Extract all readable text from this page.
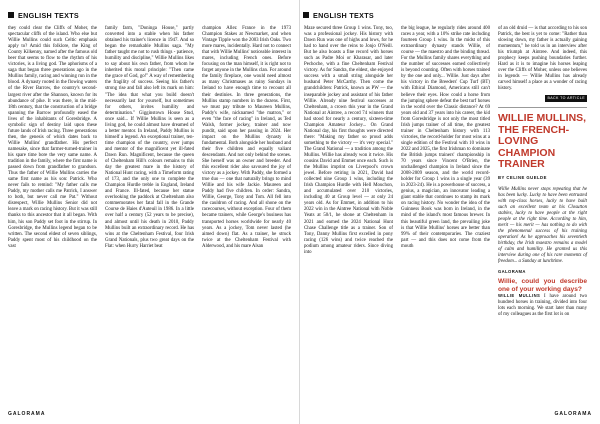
ENGLISH TEXTS

they could clear the Cliffs of Moher, the spectacular cliffs of the island. Who else but Willie Mullins could such Celtic emphasis apply to? Amid this folklore, the King of County Kilkenny, named after the famous old beer that seems to flow to the rhythm of his victories, is a living god. The aphorisms of a saga that began three generations ago in the Mullins family, racing and winning run in the blood. A dynasty rooted in the flowing waters of the River Barrow, the country's second-largest river after the Shannon, known for its abundance of pike. It was there, in the mid-18th century, that the construction of a bridge spanning the Barrow profoundly eased the lives of the inhabitants of Goresbridge. A symbolic sign of destiny laid upon these future lands of Irish racing. Three generations then, the genesis of which dates back to Willie Mullins' grandfather. His perfect namesake, since that farmer-turned-trainer in his spare time bore the very same name. A tradition in the family, where the first name is passed down from grandfather to grandson. Thus the father of Willie Mullins carries the same first name as his son: Patrick. Who never fails to remind: "My father calls me Paddy, my mother calls me Patrick, I answer to both, but never call me Pat." Without disrespect, Willie Mullins Senior did not leave a mark on racing history. But it was still thanks to this ancestor that it all began. With him, his son Paddy set foot in the stirrup. In Goresbridge, the Mullins legend began to be written. The second eldest of seven siblings, Paddy spent most of his childhood on the vast

family farm, "Doninga House," partly converted into a stable when his father obtained his trainer's licence in 1947. And so began the remarkable Mullins saga. "My father taught me not to rush things - patience, humility and discipline," Willie Mullins likes to say about his own father, from whom he inherited this moral principle: "Then came the grace of God, go!" A way of remembering the fragility of success. Seeing his father's strong rise and fall also left its mark on him: "The idea that what you build doesn't necessarily last for yourself, but sometimes for others, invites humility and determination." Gigginstown House Stud, once said... If Willie Mullins is seen as a living god, he could almost have dreamed of a better mentor. In Ireland, Paddy Mullins is himself a legend. An exceptional trainer, ten-time champion of the country, over jumps and mentor of the magnificent yet ill-fated Dawn Run. Magnificent, because the queen of Cheltenham Hill's colours remains to this day the greatest mare in the history of National Hunt racing, with a Timeform rating of 173, and the only one to complete the Champion Hurdle treble in England, Ireland and France. Ill-fated, because her statue overlooking the paddock at Cheltenham also commemorates her fatal fall in the Grande Course de Haies d'Auteuil in 1986. In a little over half a century (52 years to be precise), and almost until his death in 2010, Paddy Mullins built an extraordinary record. He has wins at the Cheltenham Festival, four Irish Grand Nationals, plus two great days on the Flat: when Hurry Harriet beat

champion Allez France in the 1973 Champion Stakes at Newmarket, and when Vintage Tipple won the 2003 Irish Oaks. Two more mares, incidentally. Hard not to connect that with Willie Mullins' noticeable interest in mares, including French ones. Before focusing on the man himself, it is right not to forget anyone in the Mullins clan. For around the family fireplace, one would need almost as many Christmases as rainy Sundays in Ireland to have enough time to recount all their destinies. In three generations, the Mullins stamp numbers in the dozens. First, we must pay tribute to Maureen Mullins, Paddy's wife, nicknamed "the matron," or even "the face of racing" in Ireland, as Ted Walsh, former jockey, trainer and now pundit, said upon her passing in 2024. Her impact on the Mullins dynasty is fundamental. Both alongside her husband and their five children and equally valiant descendants. And not only behind the scenes. She herself was an owner and breeder. And this excellent rider also savoured the joy of victory as a jockey. With Paddy, she formed a true duo — one that naturally brings to mind Willie and his wife Jackie. Maureen and Paddy had five children. In order: Sandra, Willie, George, Tony and Tom. All fell into the cauldron of racing. And all shone on the racecourses, without exception. Four of them became trainers, while George's business has transported horses worldwide for nearly 40 years. As a jockey, Tom never lasted (he aimed down) flat. As a trainer, he struck twice at the Cheltenham Festival with Alderwood, and his mare Alsan

GALORAMA
ENGLISH TEXTS

Maze secured three Group 1 wins. Tony, too, was a professional jockey. His history with Dawn Run was one of highs and lows, for he had to hand over the reins to Jonjo O'Neill. But he also boasts a fine record with horses such as Padre Moi or Kharasar, and later Pechoche, with a fine Cheltenham Festival victory. As for Sandra, the eldest, she enjoyed success with a small string alongside her husband Peter McCarthy. Then come the grandchildren: Patrick, known as PW — the inseparable jockey and assistant of his father Willie. Already nine festival successes at Cheltenham, a crown this year in the Grand National at Aintree, a record 74 winners that had stood for nearly a century, sixteen-time Champion Amateur Jockey... On Grand National day, his first thoughts were directed there: "Making my father so proud adds something to the victory — it's very special." The Grand National — a tradition among the Mullins. Willie has already won it twice. His cousins David and Emmet once each. Such is the Mullins imprint on Liverpool's crown jewel. Before retiring in 2021, David had collected nine Group 1 wins, including the Irish Champion Hurdle with Hell Mouchon, and accumulated over 210 victories, including 40 at Group level — at only 24 years old. As for Emmet, in addition to his 2022 win in the Aintree National with Noble Yeats at 50/1, he shone at Cheltenham in 2021 and earned the 2024 National Hunt Chase Challenge title as a trainer. Son of Tony, Danny Mullins first excelled in pony racing (126 wins) and twice reached the podium among amateur riders. Since diving into

the big league, he regularly rides around 400 races a year, with a 10% strike rate including fourteen Group 1 wins. In the midst of this extraordinary dynasty stands Willie, of course — the maestro and the binding thread. For the Mullins family shares everything and the number of successes earned collectively is beyond counting. Often with horses trained by the one and only... Willie. Just days after his victory in the Breeders' Cup Turf (BT) with Ethical Diamond, Americans still can't believe their eyes. How could a horse from the jumping sphere defeat the best turf horses in the world over the Classic distance? At 69 years old and 37 years into his career, the kid from Goresbridge is not only the most titled Irish jumps trainer of all time, the greatest trainer in Cheltenham history with 113 victories, the record-holder for most wins at a single edition of the Festival with 10 wins in 2022 and 2025, the first Irishman to dominate the British jumps trainers' championship in 70 years since Vincent O'Brien, the unchallenged champion in Ireland since the 2008-2009 season, and the world record-holder for Group 1 wins in a single year (39 in 2023-24). He is a powerhouse of success, a genius, a magician, an innovator leading a giant stable that continues to stamp its mark on racing history. No wonder the idea of the Guinness Book was born in Ireland, in the mind of the island's most famous brewer. In this beautiful green land, the prevailing joke is that Willie Mullins' horses are better than 99% of their contemporaries. The craziest part — and this does not come from the mouth

of an old druid — is that according to his son Patrick, the best is yet to come: "Rather than slowing down, my father is actually gaining momentum," he told us in an interview after his triumph at Aintree. And indeed, this prophecy keeps pushing boundaries further. Hard as it is to imagine his horses leaping over the Cliffs of Moher, unless one believes in legends — Willie Mullins has already carved himself a place as a wonder of racing history.

BACK TO ARTICLE
WILLIE MULLINS, THE FRENCH-LOVING CHAMPION TRAINER
BY CELINE GUELDE

Willie Mullins never stops repeating that he has been lucky. Lucky to have been entrusted with top-class horses, lucky to have built such an excellent team at his Closutton stables, lucky to have people at the right people at the right time. According to him, merit — his merit — has nothing to do with the phenomenal success of his training operation! As he approaches his seventieth birthday, the Irish maestro remains a model of calm and humility. He granted us this interview during one of his rare moments of freedom... a Sunday at lunchtime.

GALORAMA
Willie, could you describe one of your working days?

WILLIE MULLINS I have around two hundred horses in training, divided into four lots each morning. We start later than many of my colleagues as the first lot is on

GALORAMA
